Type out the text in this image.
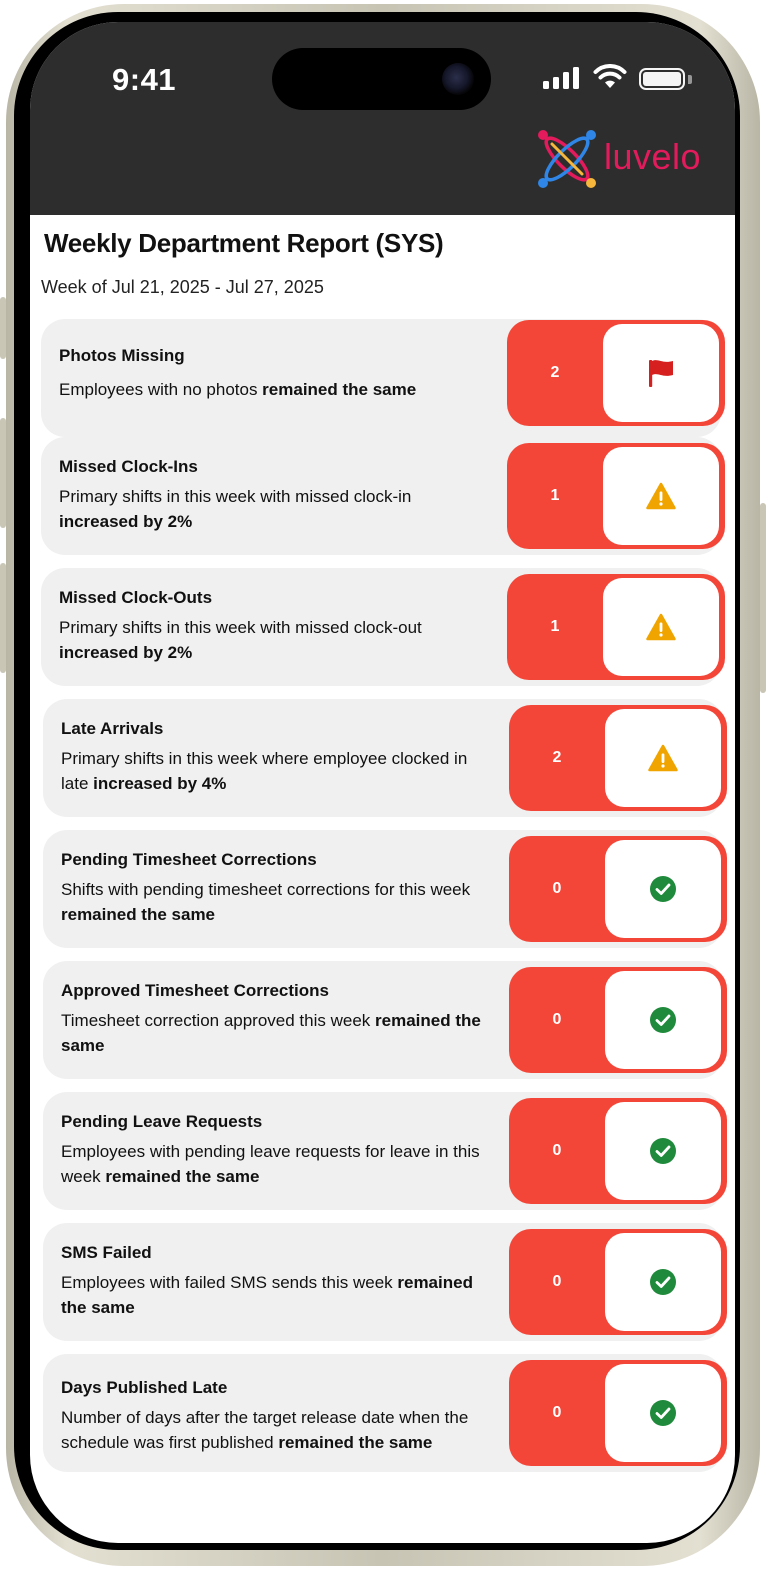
9:41
luvelo
Weekly Department Report (SYS)
Week of Jul 21, 2025 - Jul 27, 2025
Photos Missing
Employees with no photos remained the same
2
Missed Clock-Ins
Primary shifts in this week with missed clock-in increased by 2%
1
Missed Clock-Outs
Primary shifts in this week with missed clock-out increased by 2%
1
Late Arrivals
Primary shifts in this week where employee clocked in late increased by 4%
2
Pending Timesheet Corrections
Shifts with pending timesheet corrections for this week remained the same
0
Approved Timesheet Corrections
Timesheet correction approved this week remained the same
0
Pending Leave Requests
Employees with pending leave requests for leave in this week remained the same
0
SMS Failed
Employees with failed SMS sends this week remained the same
0
Days Published Late
Number of days after the target release date when the schedule was first published remained the same
0
